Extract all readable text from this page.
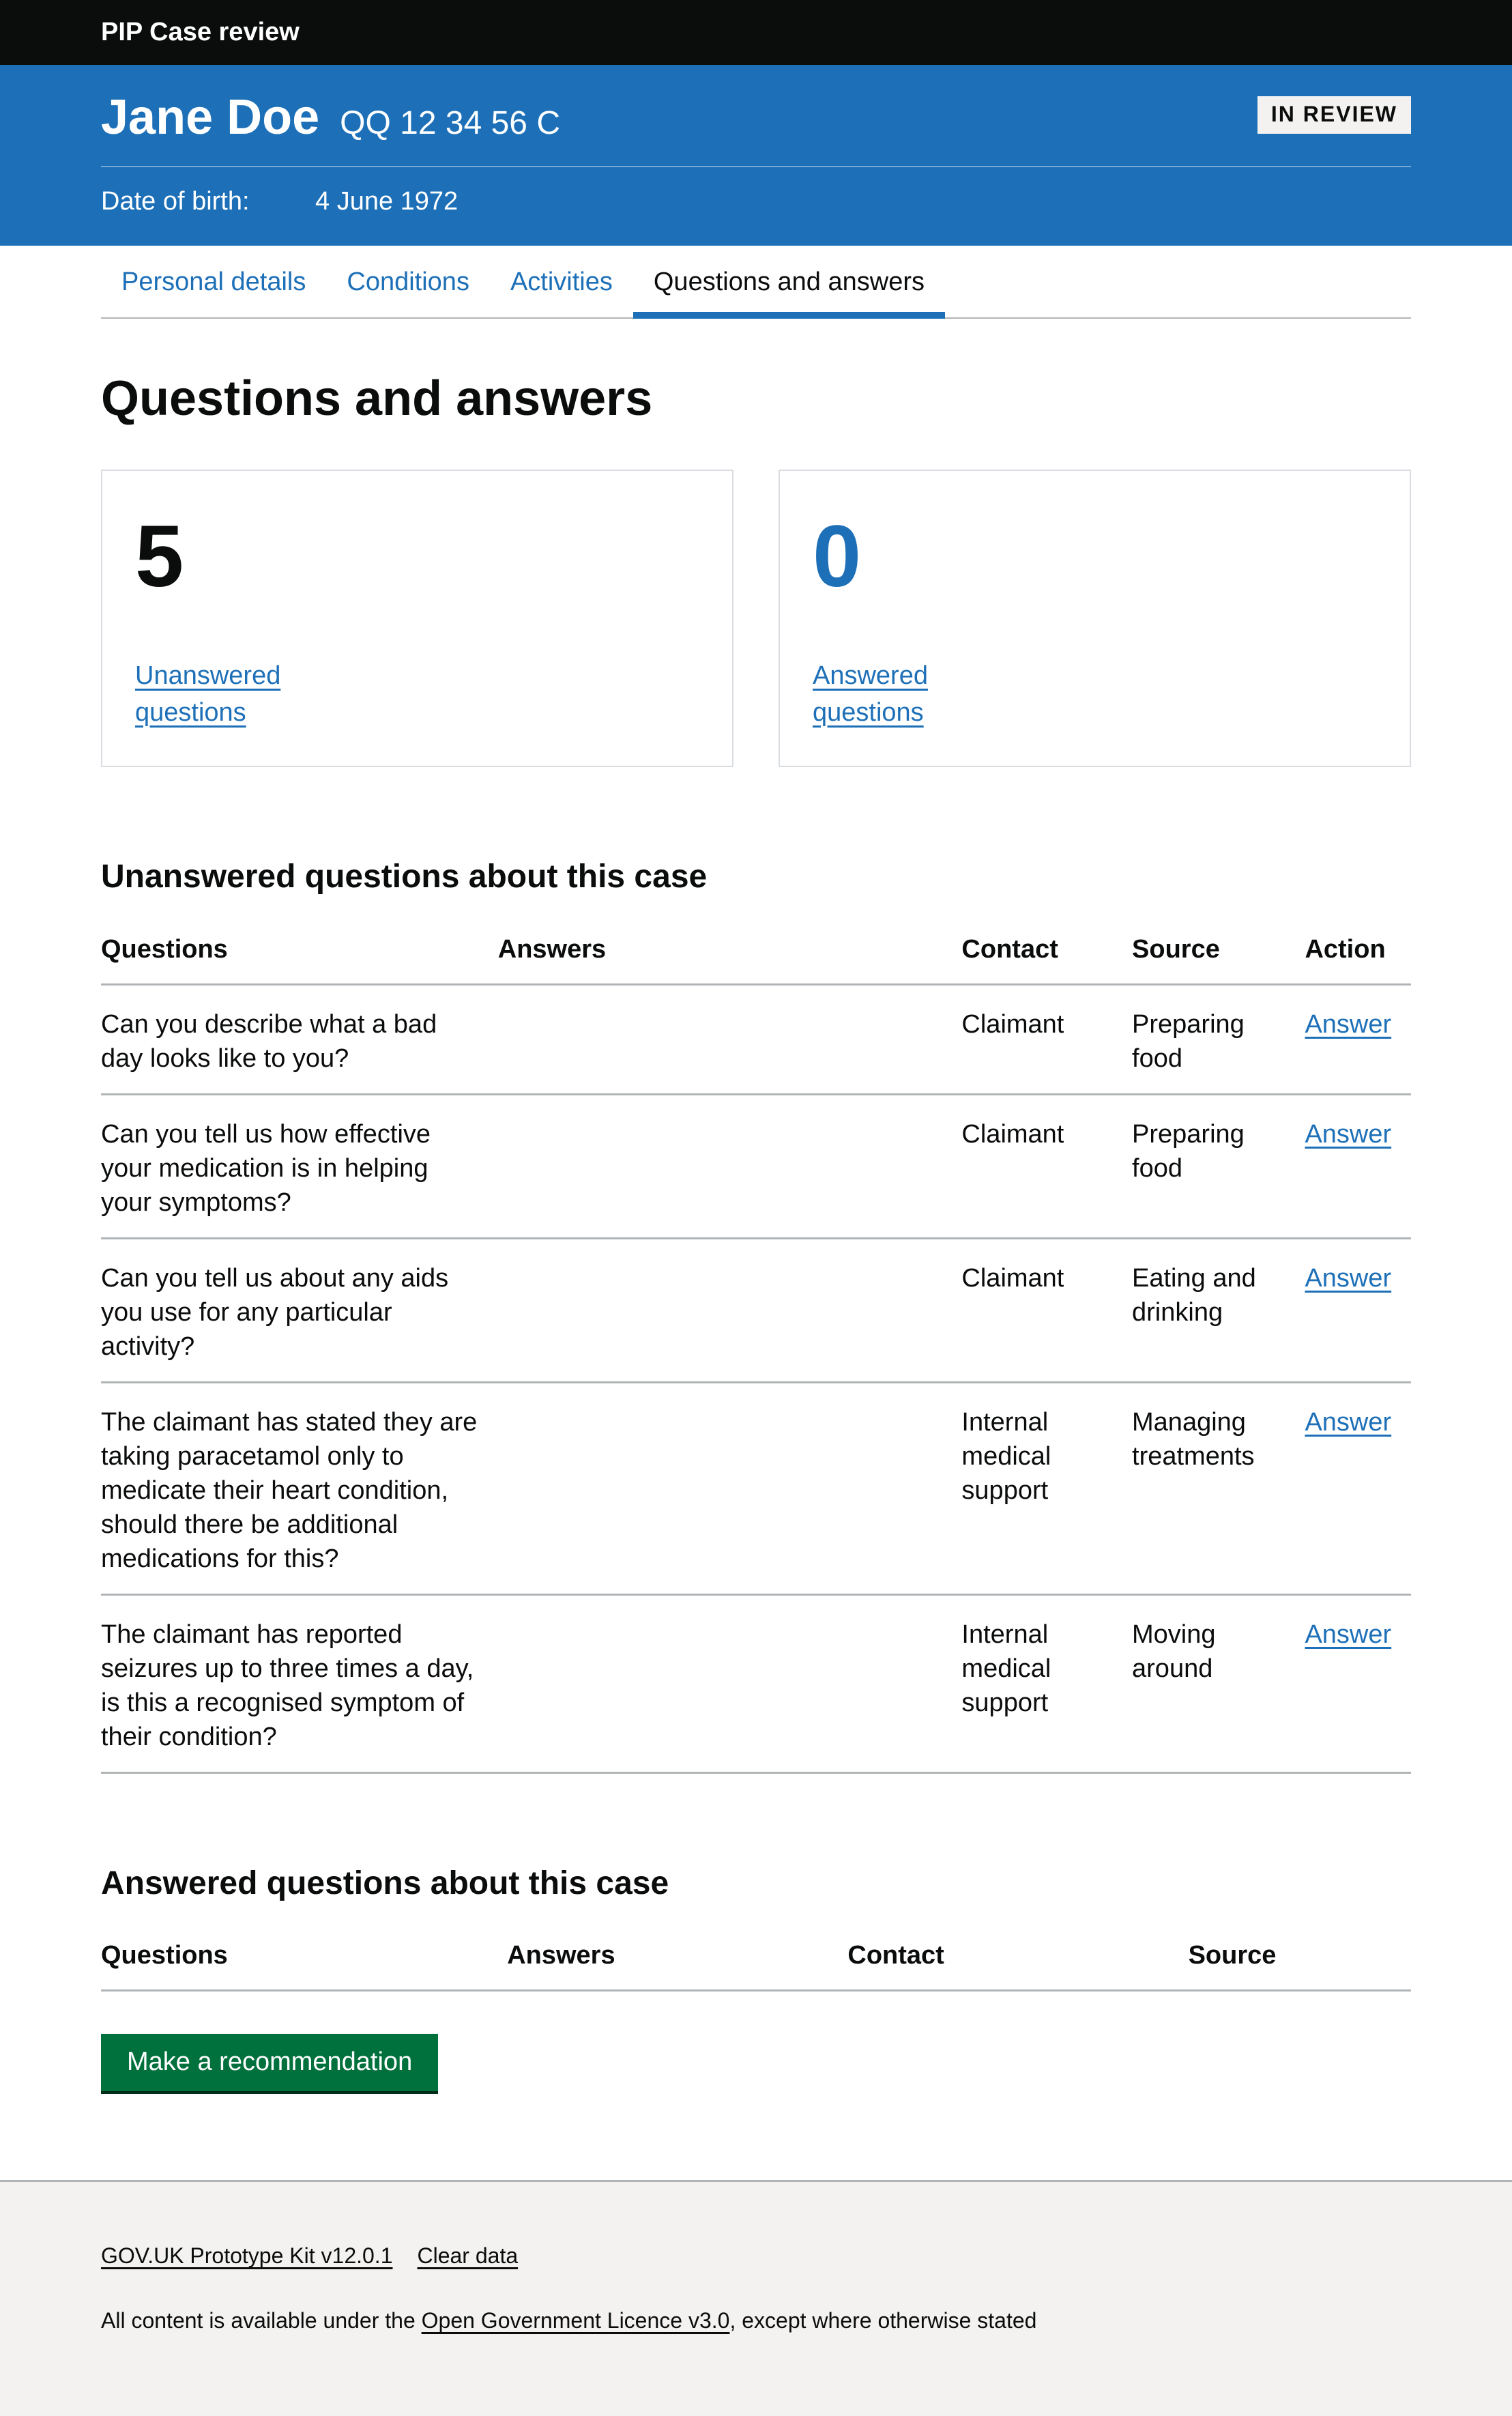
PIP Case review
Jane Doe QQ 12 34 56 C	IN REVIEW
Date of birth:	4 June 1972
Personal details	Conditions	Activities	Questions and answers
Questions and answers
5
Unanswered questions
0
Answered questions
Unanswered questions about this case
Questions	Answers	Contact	Source	Action
Can you describe what a bad day looks like to you?		Claimant	Preparing food	Answer
Can you tell us how effective your medication is in helping your symptoms?		Claimant	Preparing food	Answer
Can you tell us about any aids you use for any particular activity?		Claimant	Eating and drinking	Answer
The claimant has stated they are taking paracetamol only to medicate their heart condition, should there be additional medications for this?		Internal medical support	Managing treatments	Answer
The claimant has reported seizures up to three times a day, is this a recognised symptom of their condition?		Internal medical support	Moving around	Answer
Answered questions about this case
Questions	Answers	Contact	Source
Make a recommendation
GOV.UK Prototype Kit v12.0.1 Clear data

All content is available under the Open Government Licence v3.0, except where otherwise stated
